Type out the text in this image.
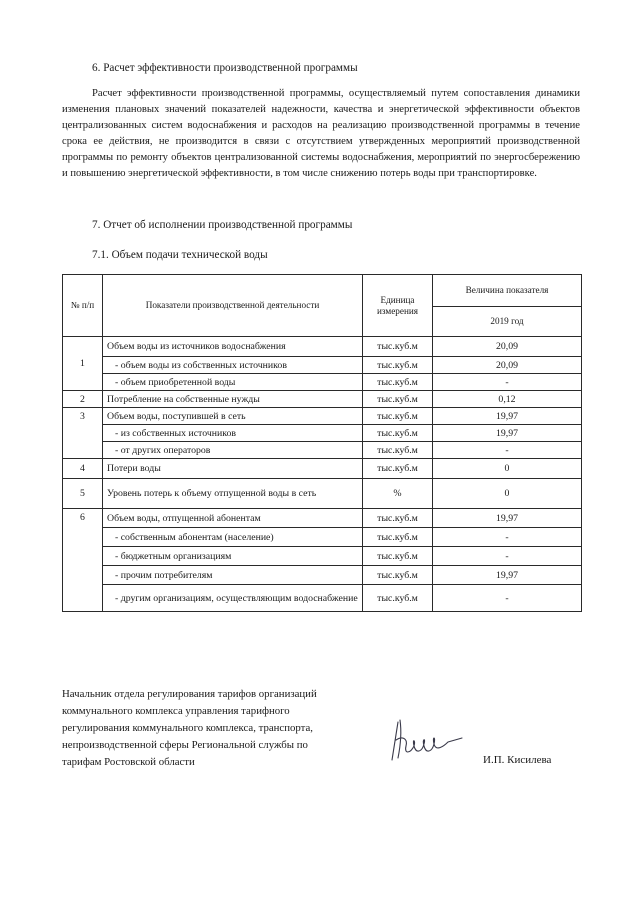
6. Расчет эффективности производственной программы
Расчет эффективности производственной программы, осуществляемый путем сопоставления динамики изменения плановых значений показателей надежности, качества и энергетической эффективности объектов централизованных систем водоснабжения и расходов на реализацию производственной программы в течение срока ее действия, не производится в связи с отсутствием утвержденных мероприятий производственной программы по ремонту объектов централизованной системы водоснабжения, мероприятий по энергосбережению и повышению энергетической эффективности, в том числе снижению потерь воды при транспортировке.
7. Отчет об исполнении производственной программы
7.1. Объем подачи технической воды
№ п/п	Показатели производственной деятельности	Единица измерения	Величина показателя
			2019 год
1	Объем воды из источников водоснабжения	тыс.куб.м	20,09
	- объем воды из собственных источников	тыс.куб.м	20,09
	- объем приобретенной воды	тыс.куб.м	-
2	Потребление на собственные нужды	тыс.куб.м	0,12
3	Объем воды, поступившей в сеть	тыс.куб.м	19,97
	- из собственных источников	тыс.куб.м	19,97
	- от других операторов	тыс.куб.м	-
4	Потери воды	тыс.куб.м	0
5	Уровень потерь к объему отпущенной воды в сеть	%	0
6	Объем воды, отпущенной абонентам	тыс.куб.м	19,97
	- собственным абонентам (население)	тыс.куб.м	-
	- бюджетным организациям	тыс.куб.м	-
	- прочим потребителям	тыс.куб.м	19,97
	- другим организациям, осуществляющим водоснабжение	тыс.куб.м	-
Начальник отдела регулирования тарифов организаций
коммунального комплекса управления тарифного
регулирования коммунального комплекса, транспорта,
непроизводственной сферы Региональной службы по
тарифам Ростовской области	И.П. Кисилева
